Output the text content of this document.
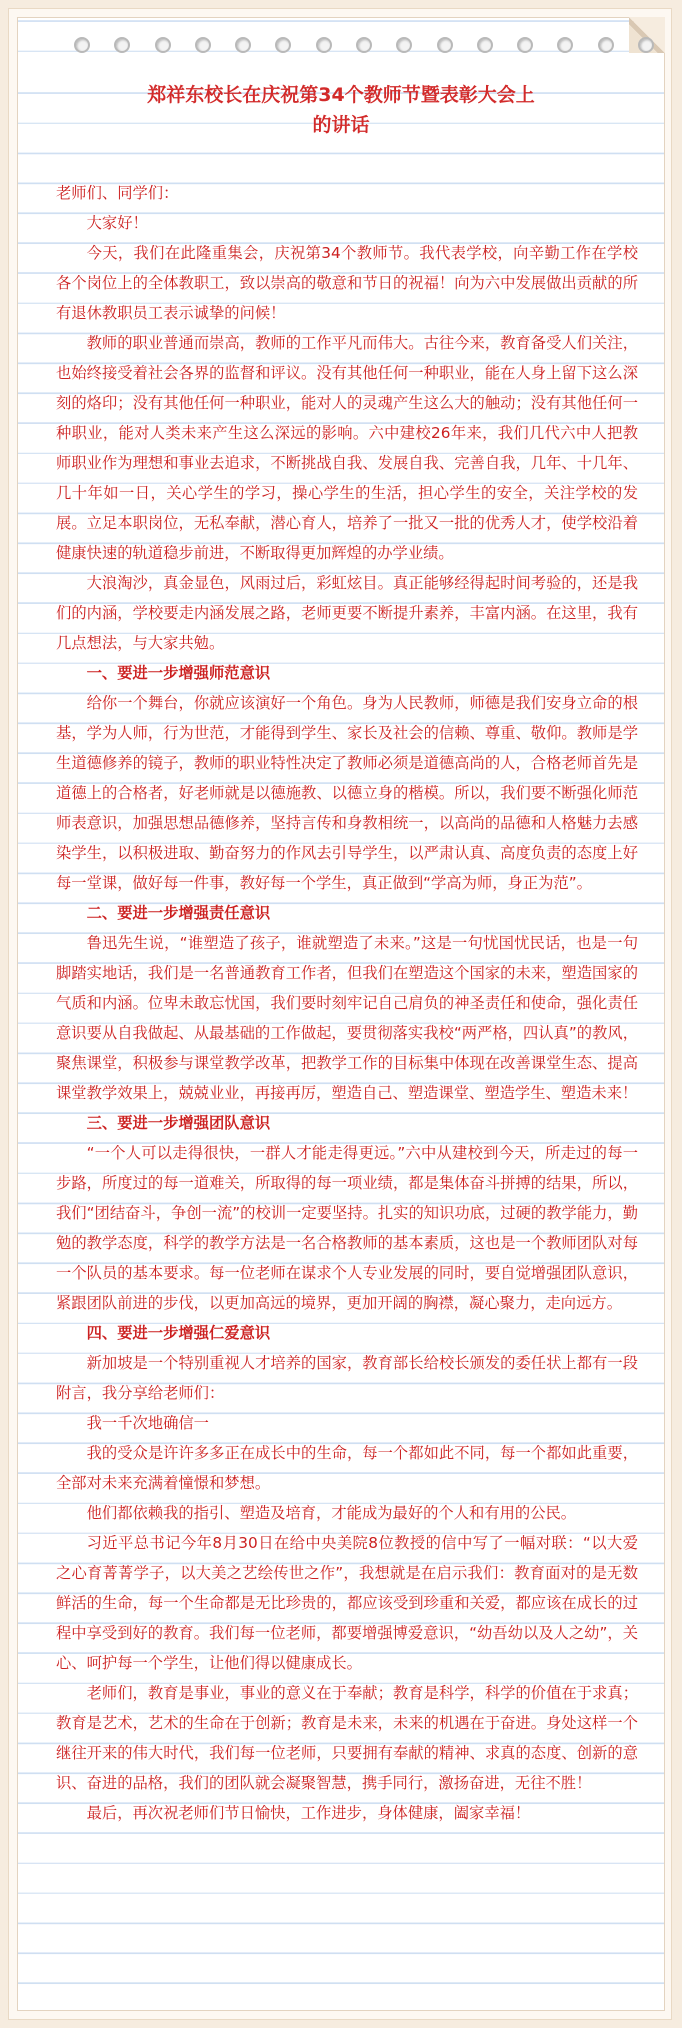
郑祥东校长在庆祝第34个教师节暨表彰大会上
的讲话

老师们、同学们：

大家好！

今天，我们在此隆重集会，庆祝第34个教师节。我代表学校，向辛勤工作在学校各个岗位上的全体教职工，致以崇高的敬意和节日的祝福！向为六中发展做出贡献的所有退休教职员工表示诚挚的问候！

教师的职业普通而崇高，教师的工作平凡而伟大。古往今来，教育备受人们关注，也始终接受着社会各界的监督和评议。没有其他任何一种职业，能在人身上留下这么深刻的烙印；没有其他任何一种职业，能对人的灵魂产生这么大的触动；没有其他任何一种职业，能对人类未来产生这么深远的影响。六中建校26年来，我们几代六中人把教师职业作为理想和事业去追求，不断挑战自我、发展自我、完善自我，几年、十几年、几十年如一日，关心学生的学习，操心学生的生活，担心学生的安全，关注学校的发展。立足本职岗位，无私奉献，潜心育人，培养了一批又一批的优秀人才，使学校沿着健康快速的轨道稳步前进，不断取得更加辉煌的办学业绩。

大浪淘沙，真金显色，风雨过后，彩虹炫目。真正能够经得起时间考验的，还是我们的内涵，学校要走内涵发展之路，老师更要不断提升素养，丰富内涵。在这里，我有几点想法，与大家共勉。

一、要进一步增强师范意识

给你一个舞台，你就应该演好一个角色。身为人民教师，师德是我们安身立命的根基，学为人师，行为世范，才能得到学生、家长及社会的信赖、尊重、敬仰。教师是学生道德修养的镜子，教师的职业特性决定了教师必须是道德高尚的人，合格老师首先是道德上的合格者，好老师就是以德施教、以德立身的楷模。所以，我们要不断强化师范师表意识，加强思想品德修养，坚持言传和身教相统一，以高尚的品德和人格魅力去感染学生，以积极进取、勤奋努力的作风去引导学生，以严肃认真、高度负责的态度上好每一堂课，做好每一件事，教好每一个学生，真正做到“学高为师，身正为范”。

二、要进一步增强责任意识

鲁迅先生说，“谁塑造了孩子，谁就塑造了未来。”这是一句忧国忧民话，也是一句脚踏实地话，我们是一名普通教育工作者，但我们在塑造这个国家的未来，塑造国家的气质和内涵。位卑未敢忘忧国，我们要时刻牢记自己肩负的神圣责任和使命，强化责任意识要从自我做起、从最基础的工作做起，要贯彻落实我校“两严格，四认真”的教风，聚焦课堂，积极参与课堂教学改革，把教学工作的目标集中体现在改善课堂生态、提高课堂教学效果上，兢兢业业，再接再厉，塑造自己、塑造课堂、塑造学生、塑造未来！

三、要进一步增强团队意识

“一个人可以走得很快，一群人才能走得更远。”六中从建校到今天，所走过的每一步路，所度过的每一道难关，所取得的每一项业绩，都是集体奋斗拼搏的结果，所以，我们“团结奋斗，争创一流”的校训一定要坚持。扎实的知识功底，过硬的教学能力，勤勉的教学态度，科学的教学方法是一名合格教师的基本素质，这也是一个教师团队对每一个队员的基本要求。每一位老师在谋求个人专业发展的同时，要自觉增强团队意识，紧跟团队前进的步伐，以更加高远的境界，更加开阔的胸襟，凝心聚力，走向远方。

四、要进一步增强仁爱意识

新加坡是一个特别重视人才培养的国家，教育部长给校长颁发的委任状上都有一段附言，我分享给老师们：

我一千次地确信一

我的受众是许许多多正在成长中的生命，每一个都如此不同，每一个都如此重要，全部对未来充满着憧憬和梦想。

他们都依赖我的指引、塑造及培育，才能成为最好的个人和有用的公民。

习近平总书记今年8月30日在给中央美院8位教授的信中写了一幅对联：“以大爱之心育菁菁学子，以大美之艺绘传世之作”，我想就是在启示我们：教育面对的是无数鲜活的生命，每一个生命都是无比珍贵的，都应该受到珍重和关爱，都应该在成长的过程中享受到好的教育。我们每一位老师，都要增强博爱意识，“幼吾幼以及人之幼”，关心、呵护每一个学生，让他们得以健康成长。

老师们，教育是事业，事业的意义在于奉献；教育是科学，科学的价值在于求真；教育是艺术，艺术的生命在于创新；教育是未来，未来的机遇在于奋进。身处这样一个继往开来的伟大时代，我们每一位老师，只要拥有奉献的精神、求真的态度、创新的意识、奋进的品格，我们的团队就会凝聚智慧，携手同行，激扬奋进，无往不胜！

最后，再次祝老师们节日愉快，工作进步，身体健康，阖家幸福！
